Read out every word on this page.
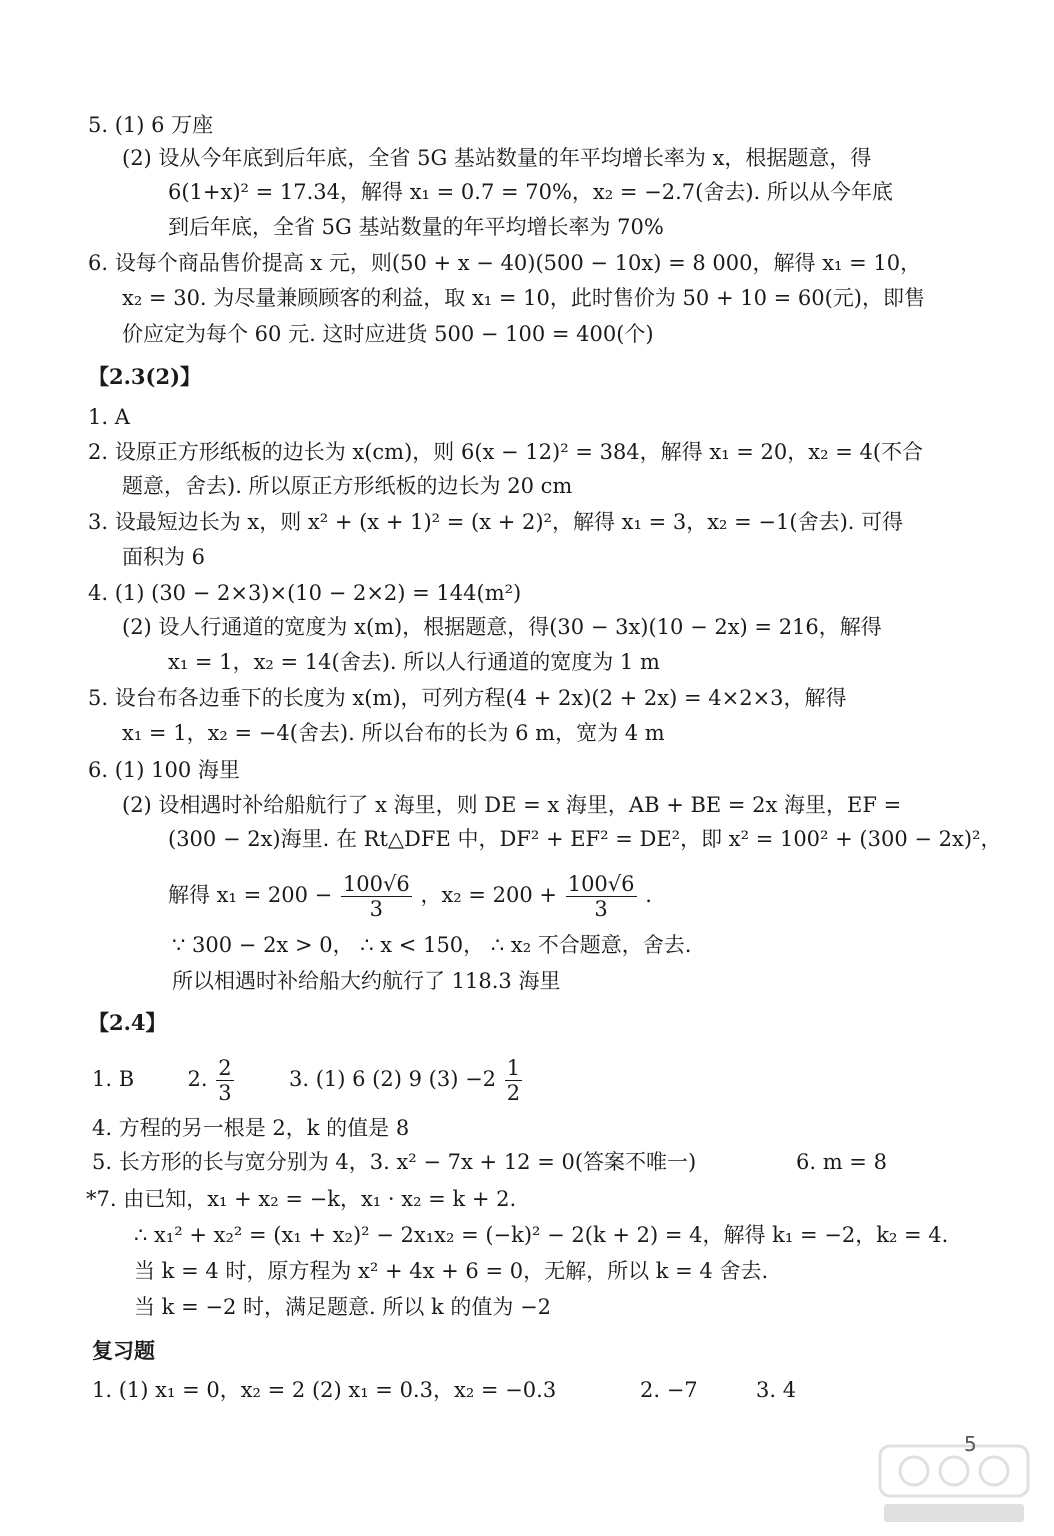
5. (1) 6 万座
(2) 设从今年底到后年底，全省 5G 基站数量的年平均增长率为 x，根据题意，得
6(1+x)² = 17.34，解得 x₁ = 0.7 = 70%，x₂ = −2.7(舍去). 所以从今年底
到后年底，全省 5G 基站数量的年平均增长率为 70%
6. 设每个商品售价提高 x 元，则(50 + x − 40)(500 − 10x) = 8 000，解得 x₁ = 10，
x₂ = 30. 为尽量兼顾顾客的利益，取 x₁ = 10，此时售价为 50 + 10 = 60(元)，即售
价应定为每个 60 元. 这时应进货 500 − 100 = 400(个)
【2.3(2)】
1. A
2. 设原正方形纸板的边长为 x(cm)，则 6(x − 12)² = 384，解得 x₁ = 20，x₂ = 4(不合
题意，舍去). 所以原正方形纸板的边长为 20 cm
3. 设最短边长为 x，则 x² + (x + 1)² = (x + 2)²，解得 x₁ = 3，x₂ = −1(舍去). 可得
面积为 6
4. (1) (30 − 2×3)×(10 − 2×2) = 144(m²)
(2) 设人行通道的宽度为 x(m)，根据题意，得(30 − 3x)(10 − 2x) = 216，解得
x₁ = 1，x₂ = 14(舍去). 所以人行通道的宽度为 1 m
5. 设台布各边垂下的长度为 x(m)，可列方程(4 + 2x)(2 + 2x) = 4×2×3，解得
x₁ = 1，x₂ = −4(舍去). 所以台布的长为 6 m，宽为 4 m
6. (1) 100 海里
(2) 设相遇时补给船航行了 x 海里，则 DE = x 海里，AB + BE = 2x 海里，EF =
(300 − 2x)海里. 在 Rt△DFE 中，DF² + EF² = DE²，即 x² = 100² + (300 − 2x)²，
解得 $x_1 = 200 - \frac{100√6}{3}$ ，$x_2 = 200 + \frac{100√6}{3}$ .
∵ 300 − 2x > 0， ∴ x < 150， ∴ x₂ 不合题意，舍去.
所以相遇时补给船大约航行了 118.3 海里
【2.4】
1. B	2. $\frac{2}{3}$	3. (1) 6 (2) 9 $(3) -2 \frac{1}{2}$
4. 方程的另一根是 2，k 的值是 8
5. 长方形的长与宽分别为 4，3. x² − 7x + 12 = 0(答案不唯一)	6. m = 8
*7. 由已知，x₁ + x₂ = −k，x₁ · x₂ = k + 2.
∴ x₁² + x₂² = (x₁ + x₂)² − 2x₁x₂ = (−k)² − 2(k + 2) = 4，解得 k₁ = −2，k₂ = 4.
当 k = 4 时，原方程为 x² + 4x + 6 = 0，无解，所以 k = 4 舍去.
当 k = −2 时，满足题意. 所以 k 的值为 −2
复习题
1. (1) x₁ = 0，x₂ = 2 (2) x₁ = 0.3，x₂ = −0.3	2. −7	3. 4
5
